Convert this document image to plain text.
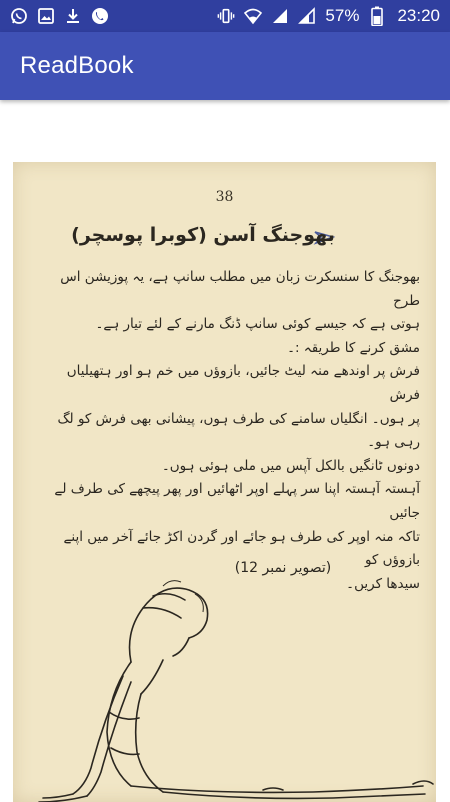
57% 23:20
ReadBook
38
بھوجنگ آسن (کوبرا پوسچر)

بھوجنگ کا سنسکرت زبان میں مطلب سانپ ہے، یہ پوزیشن اس طرح

ہوتی ہے کہ جیسے کوئی سانپ ڈنگ مارنے کے لئے تیار ہے۔

مشق کرنے کا طریقہ :۔

فرش پر اوندھے منہ لیٹ جائیں، بازوؤں میں خم ہو اور ہتھیلیاں فرش

پر ہوں۔ انگلیاں سامنے کی طرف ہوں، پیشانی بھی فرش کو لگ رہی ہو۔

دونوں ٹانگیں بالکل آپس میں ملی ہوئی ہوں۔

آہستہ آہستہ اپنا سر پہلے اوپر اٹھائیں اور پھر پیچھے کی طرف لے جائیں

تاکہ منہ اوپر کی طرف ہو جائے اور گردن اکڑ جائے آخر میں اپنے بازوؤں کو

سیدھا کریں۔

(تصویر نمبر 12)
